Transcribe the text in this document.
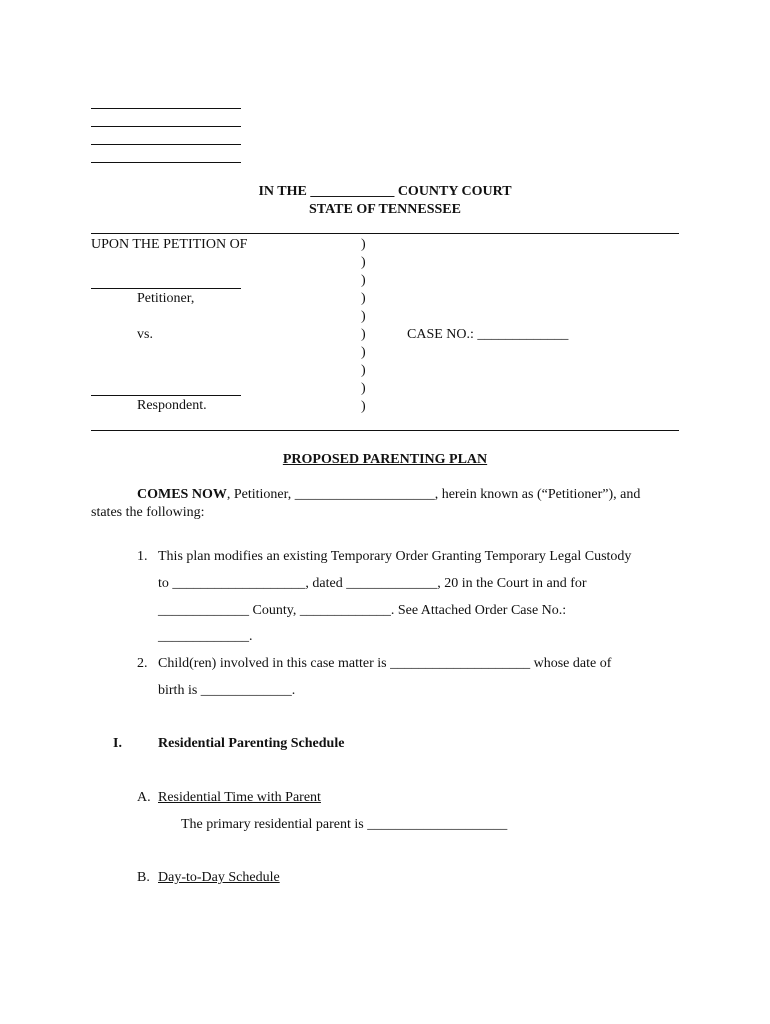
IN THE ____________ COUNTY COURT
STATE OF TENNESSEE
UPON THE PETITION OF
Petitioner,
vs.
Respondent.
)
)
)
)
)
)
)
)
)
)
CASE NO.: _____________
PROPOSED PARENTING PLAN
COMES NOW, Petitioner, ____________________, herein known as (“Petitioner”), and
states the following:
1. This plan modifies an existing Temporary Order Granting Temporary Legal Custody
to ___________________, dated _____________, 20 in the Court in and for
_____________ County, _____________. See Attached Order Case No.:
_____________.
2. Child(ren) involved in this case matter is ____________________ whose date of
birth is _____________.
I.	Residential Parenting Schedule
A. Residential Time with Parent
The primary residential parent is ____________________
B. Day-to-Day Schedule
